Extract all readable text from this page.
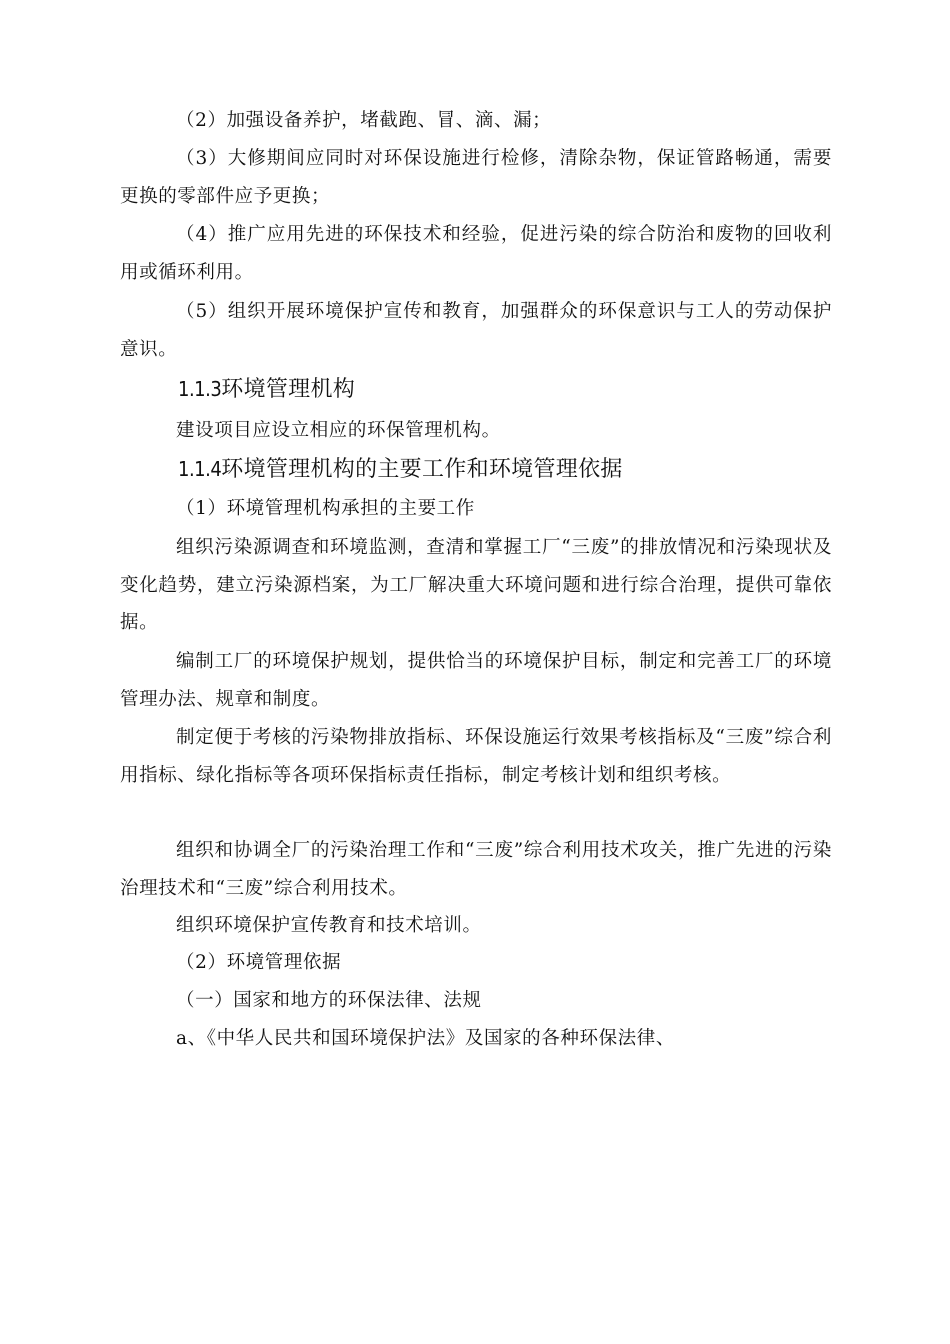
（2）加强设备养护，堵截跑、冒、滴、漏；

（3）大修期间应同时对环保设施进行检修，清除杂物，保证管路畅通，需要更换的零部件应予更换；

（4）推广应用先进的环保技术和经验，促进污染的综合防治和废物的回收利用或循环利用。

（5）组织开展环境保护宣传和教育，加强群众的环保意识与工人的劳动保护意识。

1.1.3环境管理机构

建设项目应设立相应的环保管理机构。

1.1.4环境管理机构的主要工作和环境管理依据

（1）环境管理机构承担的主要工作

组织污染源调查和环境监测，查清和掌握工厂“三废”的排放情况和污染现状及变化趋势，建立污染源档案，为工厂解决重大环境问题和进行综合治理，提供可靠依据。

编制工厂的环境保护规划，提供恰当的环境保护目标，制定和完善工厂的环境管理办法、规章和制度。

制定便于考核的污染物排放指标、环保设施运行效果考核指标及“三废”综合利用指标、绿化指标等各项环保指标责任指标，制定考核计划和组织考核。

组织和协调全厂的污染治理工作和“三废”综合利用技术攻关，推广先进的污染治理技术和“三废”综合利用技术。

组织环境保护宣传教育和技术培训。

（2）环境管理依据

（一）国家和地方的环保法律、法规

a、《中华人民共和国环境保护法》及国家的各种环保法律、
